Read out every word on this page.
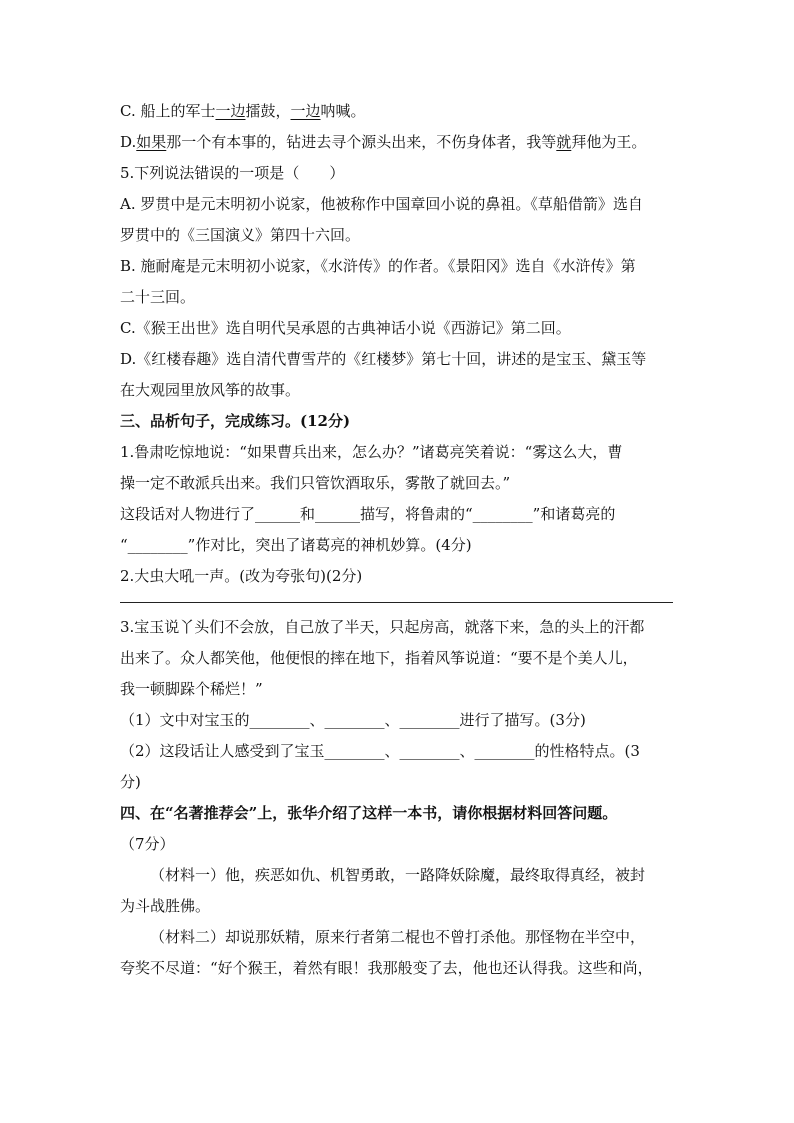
C. 船上的军士一边擂鼓，一边呐喊。
D.如果那一个有本事的，钻进去寻个源头出来，不伤身体者，我等就拜他为王。
5.下列说法错误的一项是（　　）
A. 罗贯中是元末明初小说家，他被称作中国章回小说的鼻祖。《草船借箭》选自
罗贯中的《三国演义》第四十六回。
B. 施耐庵是元末明初小说家，《水浒传》的作者。《景阳冈》选自《水浒传》第
二十三回。
C.《猴王出世》选自明代吴承恩的古典神话小说《西游记》第二回。
D.《红楼春趣》选自清代曹雪芹的《红楼梦》第七十回，讲述的是宝玉、黛玉等
在大观园里放风筝的故事。
三、品析句子，完成练习。(12分)
1.鲁肃吃惊地说：“如果曹兵出来，怎么办？”诸葛亮笑着说：“雾这么大，曹
操一定不敢派兵出来。我们只管饮酒取乐，雾散了就回去。”
这段话对人物进行了______和______描写，将鲁肃的“________”和诸葛亮的
“________”作对比，突出了诸葛亮的神机妙算。(4分)
2.大虫大吼一声。(改为夸张句)(2分)
3.宝玉说丫头们不会放，自己放了半天，只起房高，就落下来，急的头上的汗都
出来了。众人都笑他，他便恨的摔在地下，指着风筝说道：“要不是个美人儿，
我一顿脚跺个稀烂！”
（1）文中对宝玉的________、________、________进行了描写。(3分)
（2）这段话让人感受到了宝玉________、________、________的性格特点。(3
分)
四、在“名著推荐会”上，张华介绍了这样一本书，请你根据材料回答问题。
（7分）
（材料一）他，疾恶如仇、机智勇敢，一路降妖除魔，最终取得真经，被封
为斗战胜佛。
（材料二）却说那妖精，原来行者第二棍也不曾打杀他。那怪物在半空中，
夸奖不尽道：“好个猴王，着然有眼！我那般变了去，他也还认得我。这些和尚，
